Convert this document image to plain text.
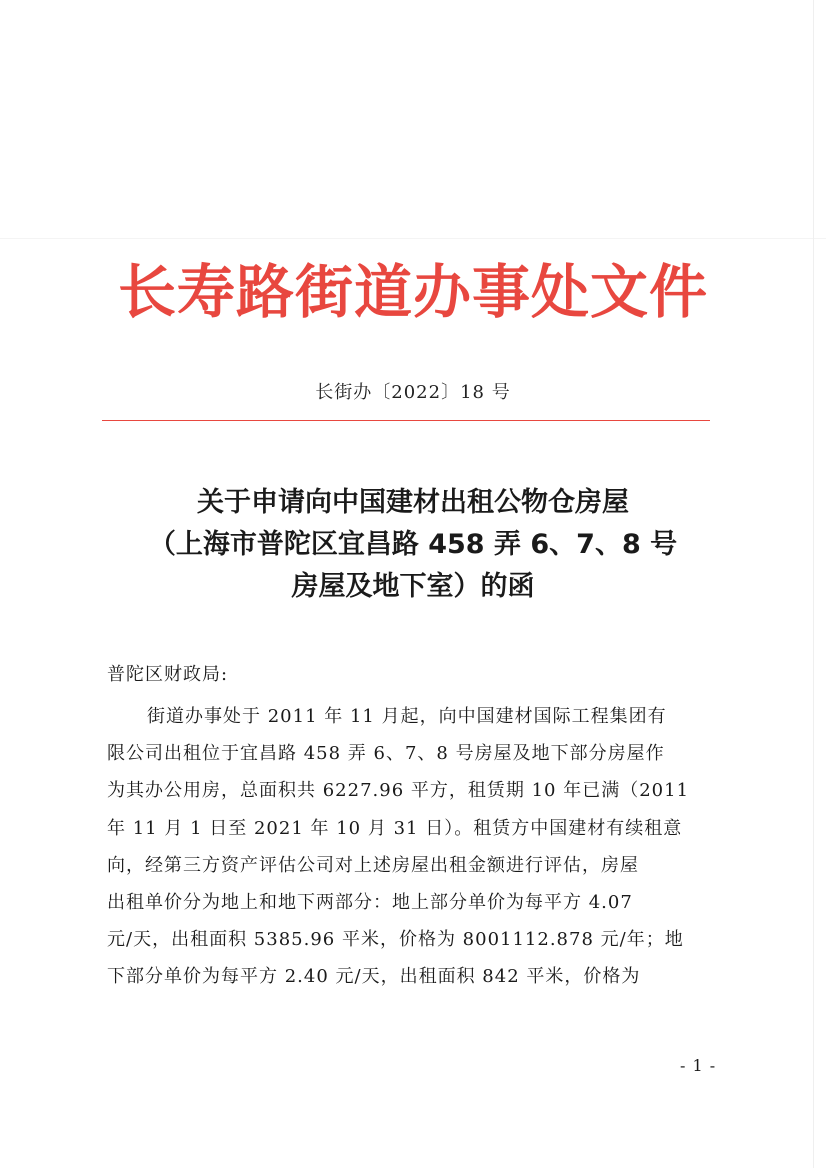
长寿路街道办事处文件
长街办〔2022〕18 号
关于申请向中国建材出租公物仓房屋
（上海市普陀区宜昌路 458 弄 6、7、8 号
房屋及地下室）的函
普陀区财政局:
街道办事处于 2011 年 11 月起，向中国建材国际工程集团有
限公司出租位于宜昌路 458 弄 6、7、8 号房屋及地下部分房屋作
为其办公用房，总面积共 6227.96 平方，租赁期 10 年已满（2011
年 11 月 1 日至 2021 年 10 月 31 日）。租赁方中国建材有续租意
向，经第三方资产评估公司对上述房屋出租金额进行评估，房屋
出租单价分为地上和地下两部分：地上部分单价为每平方 4.07
元/天，出租面积 5385.96 平米，价格为 8001112.878 元/年；地
下部分单价为每平方 2.40 元/天，出租面积 842 平米，价格为
- 1 -
